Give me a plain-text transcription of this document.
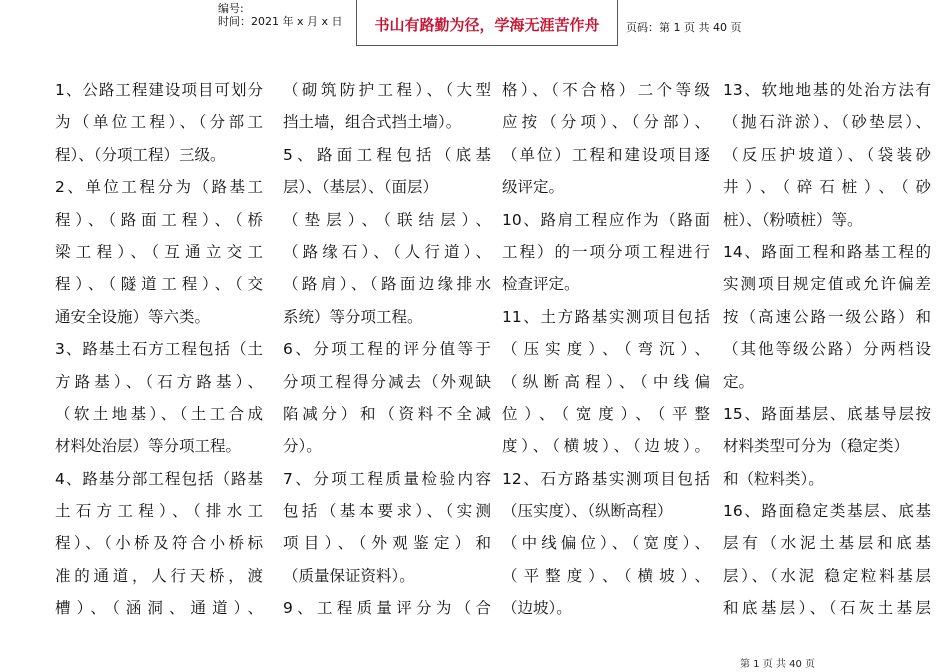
编号:
时间：2021 年 x 月 x 日	书山有路勤为径，学海无涯苦作舟	页码：第 1 页 共 40 页
1、公路工程建设项目可划分
为（单位工程）、（分部工
程）、（分项工程）三级。
2、单位工程分为（路基工
程）、（路面工程）、（桥
梁工程）、（互通立交工
程）、（隧道工程）、（交
通安全设施）等六类。
3、路基土石方工程包括（土
方路基）、（石方路基）、
（软土地基）、（土工合成
材料处治层）等分项工程。
4、路基分部工程包括（路基
土石方工程）、（排水工
程）、（小桥及符合小桥标
准的通道，人行天桥，渡
槽）、（涵洞、通道）、
（砌筑防护工程）、（大型
挡土墙，组合式挡土墙）。
5、路面工程包括（底基
层）、（基层）、（面层）
（垫层）、（联结层）、
（路缘石）、（人行道）、
（路肩）、（路面边缘排水
系统）等分项工程。
6、分项工程的评分值等于
分项工程得分减去（外观缺
陷减分）和（资料不全减
分）。
7、分项工程质量检验内容
包括（基本要求）、（实测
项目）、（外观鉴定）和
（质量保证资料）。
9、工程质量评分为（合
格）、（不合格）二个等级
应按（分项）、（分部）、
（单位）工程和建设项目逐
级评定。
10、路肩工程应作为（路面
工程）的一项分项工程进行
检查评定。
11、土方路基实测项目包括
（压实度）、（弯沉）、
（纵断高程）、（中线偏
位）、（宽度）、（平整
度）、（横坡）、（边坡）。
12、石方路基实测项目包括
（压实度）、（纵断高程）
（中线偏位）、（宽度）、
（平整度）、（横坡）、
（边坡）。
13、软地地基的处治方法有
（抛石浒淤）、（砂垫层）、
（反压护坡道）、（袋装砂
井）、（碎石桩）、（砂
桩）、（粉喷桩）等。
14、路面工程和路基工程的
实测项目规定值或允许偏差
按（高速公路一级公路）和
（其他等级公路）分两档设
定。
15、路面基层、底基导层按
材料类型可分为（稳定类）
和（粒料类）。
16、路面稳定类基层、底基
层有（水泥土基层和底基
层）、（水泥 稳定粒料基层
和底基层）、（石灰土基层
第 1 页 共 40 页
